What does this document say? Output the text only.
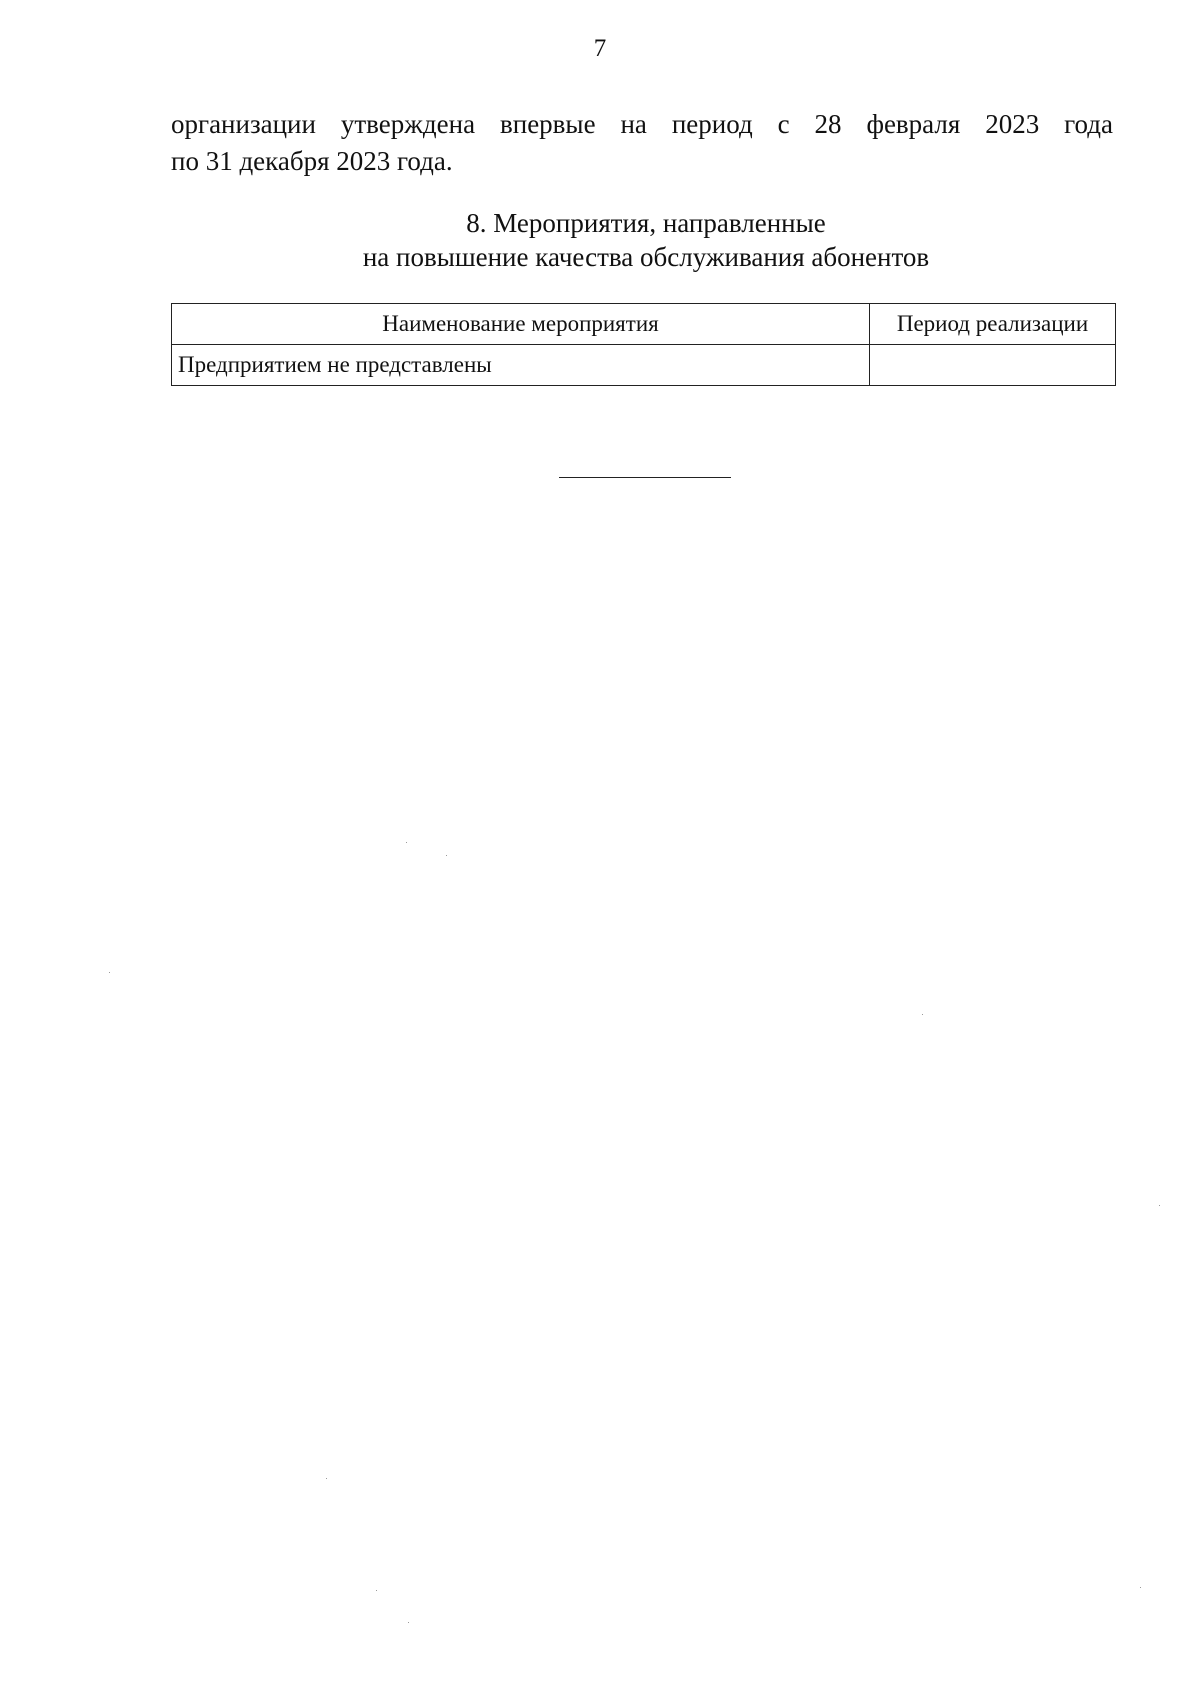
7

организации утверждена впервые на период с 28 февраля 2023 года

по 31 декабря 2023 года.

8. Мероприятия, направленные
на повышение качества обслуживания абонентов
Наименование мероприятия	Период реализации
Предприятием не представлены	
